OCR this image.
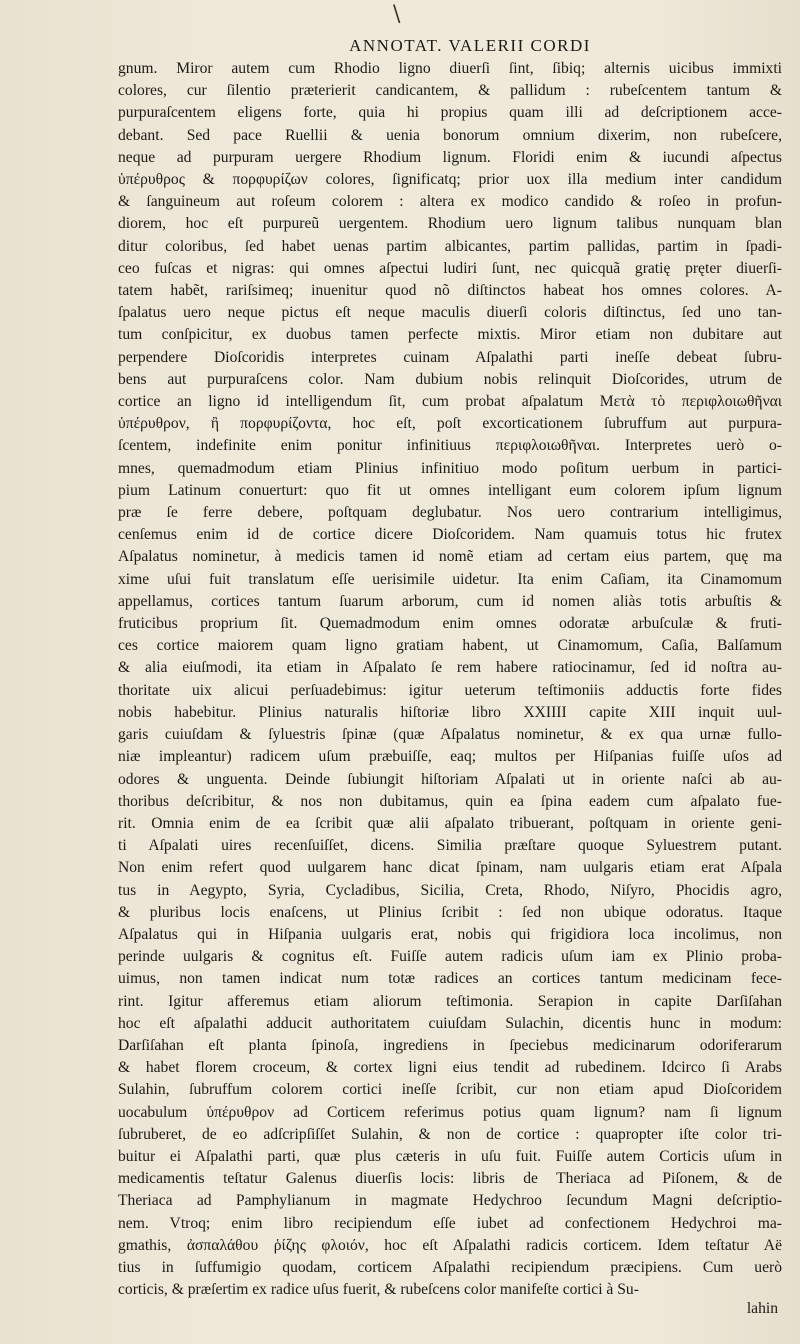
\
ANNOTAT. VALERII CORDI
gnum. Miror autem cum Rhodio ligno diuerſi ſint, ſibiq; alternis uicibus immixti
colores, cur ſilentio præterierit candicantem, & pallidum : rubeſcentem tantum &
purpuraſcentem eligens forte, quia hi propius quam illi ad deſcriptionem acce-
debant. Sed pace Ruellii & uenia bonorum omnium dixerim, non rubeſcere,
neque ad purpuram uergere Rhodium lignum. Floridi enim & iucundi aſpectus
ὑπέρυθρος & πορφυρίζων colores, ſignificatq; prior uox illa medium inter candidum
& ſanguineum aut roſeum colorem : altera ex modico candido & roſeo in profun-
diorem, hoc eſt purpureũ uergentem. Rhodium uero lignum talibus nunquam blan
ditur coloribus, ſed habet uenas partim albicantes, partim pallidas, partim in ſpadi-
ceo fuſcas et nigras: qui omnes aſpectui ludiri ſunt, nec quicquã gratię pręter diuerſi-
tatem habẽt, rariſsimeq; inuenitur quod nõ diſtinctos habeat hos omnes colores. A-
ſpalatus uero neque pictus eſt neque maculis diuerſi coloris diſtinctus, ſed uno tan-
tum conſpicitur, ex duobus tamen perfecte mixtis. Miror etiam non dubitare aut
perpendere Dioſcoridis interpretes cuinam Aſpalathi parti ineſſe debeat ſubru-
bens aut purpuraſcens color. Nam dubium nobis relinquit Dioſcorides, utrum de
cortice an ligno id intelligendum ſit, cum probat aſpalatum Μετὰ τὸ περιφλοιωθῆναι
ὑπέρυθρον, ἢ πορφυρίζοντα, hoc eſt, poſt excorticationem ſubruffum aut purpura-
ſcentem, indefinite enim ponitur infinitiuus περιφλοιωθῆναι. Interpretes uerò o-
mnes, quemadmodum etiam Plinius infinitiuo modo poſitum uerbum in partici-
pium Latinum conuerturt: quo fit ut omnes intelligant eum colorem ipſum lignum
præ ſe ferre debere, poſtquam deglubatur. Nos uero contrarium intelligimus,
cenſemus enim id de cortice dicere Dioſcoridem. Nam quamuis totus hic frutex
Aſpalatus nominetur, à medicis tamen id nomẽ etiam ad certam eius partem, quę ma
xime uſui fuit translatum eſſe uerisimile uidetur. Ita enim Caſiam, ita Cinamomum
appellamus, cortices tantum ſuarum arborum, cum id nomen aliàs totis arbuſtis &
fruticibus proprium ſit. Quemadmodum enim omnes odoratæ arbuſculæ & fruti-
ces cortice maiorem quam ligno gratiam habent, ut Cinamomum, Caſia, Balſamum
& alia eiuſmodi, ita etiam in Aſpalato ſe rem habere ratiocinamur, ſed id noſtra au-
thoritate uix alicui perſuadebimus: igitur ueterum teſtimoniis adductis forte fides
nobis habebitur. Plinius naturalis hiſtoriæ libro XXIIII capite XIII inquit uul-
garis cuiuſdam & ſyluestris ſpinæ (quæ Aſpalatus nominetur, & ex qua urnæ fullo-
niæ impleantur) radicem uſum præbuiſſe, eaq; multos per Hiſpanias fuiſſe uſos ad
odores & unguenta. Deinde ſubiungit hiſtoriam Aſpalati ut in oriente naſci ab au-
thoribus deſcribitur, & nos non dubitamus, quin ea ſpina eadem cum aſpalato fue-
rit. Omnia enim de ea ſcribit quæ alii aſpalato tribuerant, poſtquam in oriente geni-
ti Aſpalati uires recenſuiſſet, dicens. Similia præſtare quoque Syluestrem putant.
Non enim refert quod uulgarem hanc dicat ſpinam, nam uulgaris etiam erat Aſpala
tus in Aegypto, Syria, Cycladibus, Sicilia, Creta, Rhodo, Niſyro, Phocidis agro,
& pluribus locis enaſcens, ut Plinius ſcribit : ſed non ubique odoratus. Itaque
Aſpalatus qui in Hiſpania uulgaris erat, nobis qui frigidiora loca incolimus, non
perinde uulgaris & cognitus eſt. Fuiſſe autem radicis uſum iam ex Plinio proba-
uimus, non tamen indicat num totæ radices an cortices tantum medicinam fece-
rint. Igitur afferemus etiam aliorum teſtimonia. Serapion in capite Darſiſahan
hoc eſt aſpalathi adducit authoritatem cuiuſdam Sulachin, dicentis hunc in modum:
Darſiſahan eſt planta ſpinoſa, ingrediens in ſpeciebus medicinarum odoriferarum
& habet florem croceum, & cortex ligni eius tendit ad rubedinem. Idcirco ſi Arabs
Sulahin, ſubruffum colorem cortici ineſſe ſcribit, cur non etiam apud Dioſcoridem
uocabulum ὑπέρυθρον ad Corticem referimus potius quam lignum? nam ſi lignum
ſubruberet, de eo adſcripſiſſet Sulahin, & non de cortice : quapropter iſte color tri-
buitur ei Aſpalathi parti, quæ plus cæteris in uſu fuit. Fuiſſe autem Corticis uſum in
medicamentis teſtatur Galenus diuerſis locis: libris de Theriaca ad Piſonem, & de
Theriaca ad Pamphylianum in magmate Hedychroo ſecundum Magni deſcriptio-
nem. Vtroq; enim libro recipiendum eſſe iubet ad confectionem Hedychroi ma-
gmathis, ἀσπαλάθου ῥίζης φλοιόν, hoc eſt Aſpalathi radicis corticem. Idem teſtatur Aë
tius in ſuffumigio quodam, corticem Aſpalathi recipiendum præcipiens. Cum uerò
corticis, & præſertim ex radice uſus fuerit, & rubeſcens color manifeſte cortici à Su-
lahin
